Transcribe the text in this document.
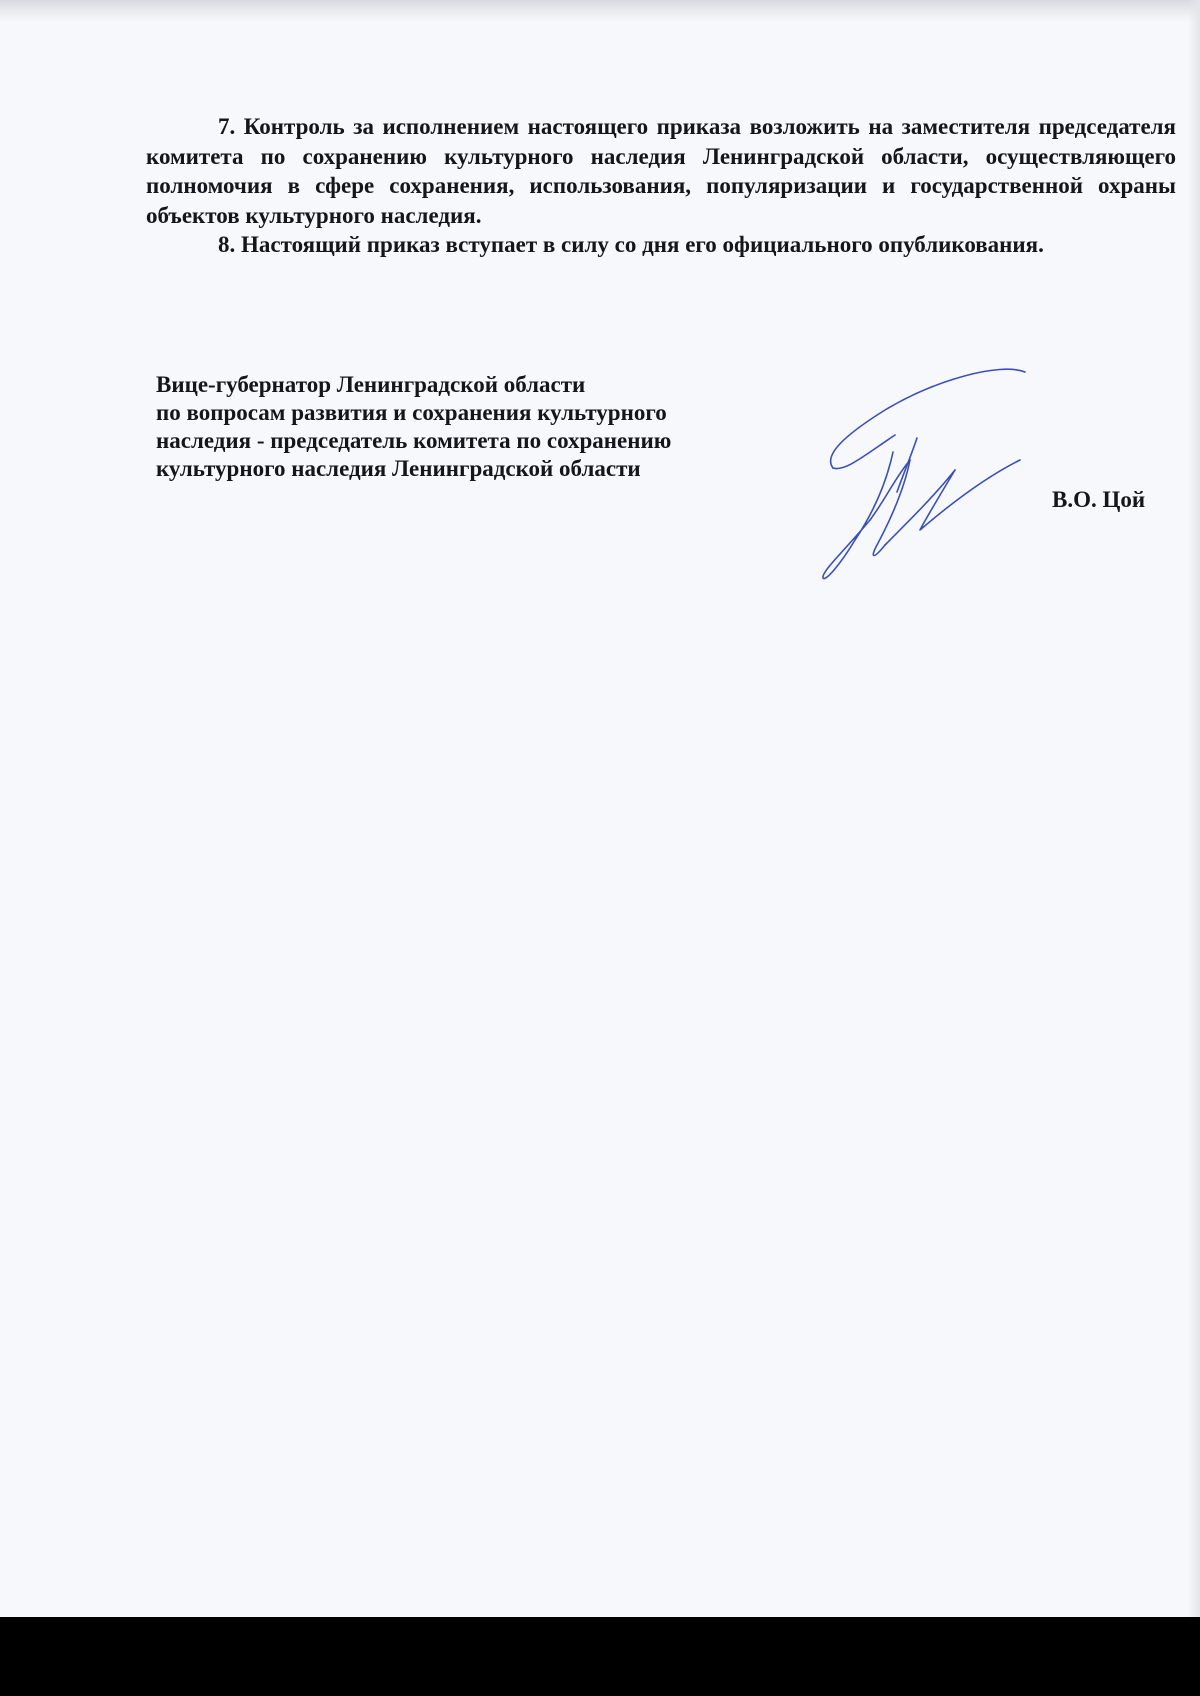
7. Контроль за исполнением настоящего приказа возложить на заместителя председателя комитета по сохранению культурного наследия Ленинградской области, осуществляющего полномочия в сфере сохранения, использования, популяризации и государственной охраны объектов культурного наследия.

8. Настоящий приказ вступает в силу со дня его официального опубликования.

Вице-губернатор Ленинградской области
по вопросам развития и сохранения культурного
наследия - председатель комитета по сохранению
культурного наследия Ленинградской области
В.О. Цой
